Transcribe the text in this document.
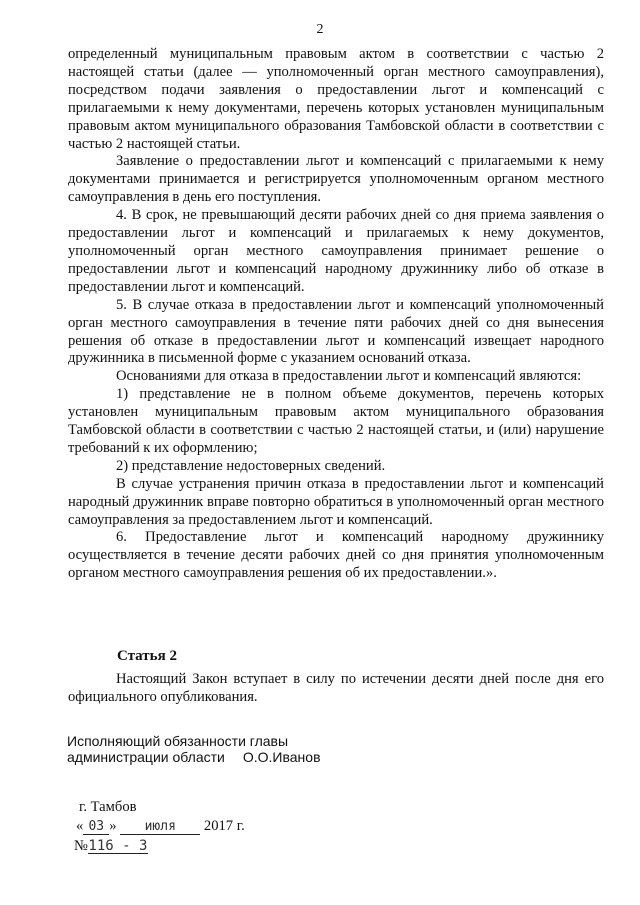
2

определенный муниципальным правовым актом в соответствии с частью 2 настоящей статьи (далее –– уполномоченный орган местного самоуправления), посредством подачи заявления о предоставлении льгот и компенсаций с прилагаемыми к нему документами, перечень которых установлен муниципальным правовым актом муниципального образования Тамбовской области в соответствии с частью 2 настоящей статьи.

Заявление о предоставлении льгот и компенсаций с прилагаемыми к нему документами принимается и регистрируется уполномоченным органом местного самоуправления в день его поступления.

4. В срок, не превышающий десяти рабочих дней со дня приема заявления о предоставлении льгот и компенсаций и прилагаемых к нему документов, уполномоченный орган местного самоуправления принимает решение о предоставлении льгот и компенсаций народному дружиннику либо об отказе в предоставлении льгот и компенсаций.

5. В случае отказа в предоставлении льгот и компенсаций уполномоченный орган местного самоуправления в течение пяти рабочих дней со дня вынесения решения об отказе в предоставлении льгот и компенсаций извещает народного дружинника в письменной форме с указанием оснований отказа.

Основаниями для отказа в предоставлении льгот и компенсаций являются:

1) представление не в полном объеме документов, перечень которых установлен муниципальным правовым актом муниципального образования Тамбовской области в соответствии с частью 2 настоящей статьи, и (или) нарушение требований к их оформлению;

2) представление недостоверных сведений.

В случае устранения причин отказа в предоставлении льгот и компенсаций народный дружинник вправе повторно обратиться в уполномоченный орган местного самоуправления за предоставлением льгот и компенсаций.

6. Предоставление льгот и компенсаций народному дружиннику осуществляется в течение десяти рабочих дней со дня принятия уполномоченным органом местного самоуправления решения об их предоставлении.».

Статья 2

Настоящий Закон вступает в силу по истечении десяти дней после дня его официального опубликования.

Исполняющий обязанности главы
администрации области О.О.Иванов
г. Тамбов
« 03 » июля 2017 г.
№116 - З
